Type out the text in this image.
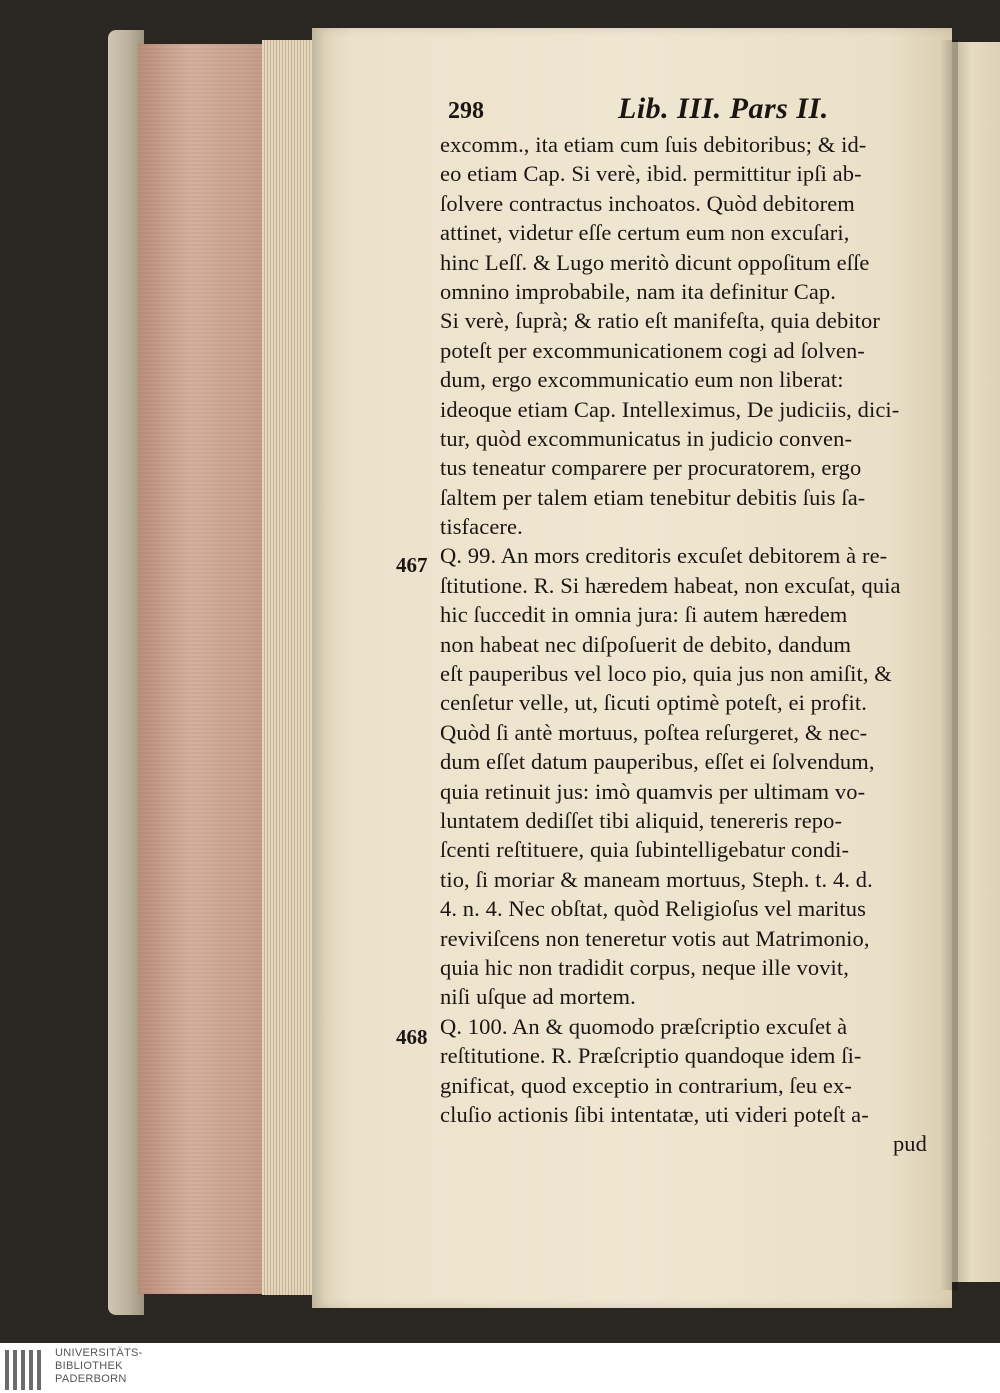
298	Lib. III. Pars II.
467
468
excomm., ita etiam cum ſuis debitoribus; & id-
eo etiam Cap. Si verè, ibid. permittitur ipſi ab-
ſolvere contractus inchoatos. Quòd debitorem
attinet, videtur eſſe certum eum non excuſari,
hinc Leſſ. & Lugo meritò dicunt oppoſitum eſſe
omnino improbabile, nam ita definitur Cap.
Si verè, ſuprà; & ratio eſt manifeſta, quia debitor
poteſt per excommunicationem cogi ad ſolven-
dum, ergo excommunicatio eum non liberat:
ideoque etiam Cap. Intelleximus, De judiciis, dici-
tur, quòd excommunicatus in judicio conven-
tus teneatur comparere per procuratorem, ergo
ſaltem per talem etiam tenebitur debitis ſuis ſa-
tisfacere.
Q. 99. An mors creditoris excuſet debitorem à re-
ſtitutione. R. Si hæredem habeat, non excuſat, quia
hic ſuccedit in omnia jura: ſi autem hæredem
non habeat nec diſpoſuerit de debito, dandum
eſt pauperibus vel loco pio, quia jus non amiſit, &
cenſetur velle, ut, ſicuti optimè poteſt, ei profit.
Quòd ſi antè mortuus, poſtea reſurgeret, & nec-
dum eſſet datum pauperibus, eſſet ei ſolvendum,
quia retinuit jus: imò quamvis per ultimam vo-
luntatem dediſſet tibi aliquid, tenereris repo-
ſcenti reſtituere, quia ſubintelligebatur condi-
tio, ſi moriar & maneam mortuus, Steph. t. 4. d.
4. n. 4. Nec obſtat, quòd Religioſus vel maritus
reviviſcens non teneretur votis aut Matrimonio,
quia hic non tradidit corpus, neque ille vovit,
niſi uſque ad mortem.
Q. 100. An & quomodo præſcriptio excuſet à
reſtitutione. R. Præſcriptio quandoque idem ſi-
gnificat, quod exceptio in contrarium, ſeu ex-
cluſio actionis ſibi intentatæ, uti videri poteſt a-
pud
UNIVERSITÄTS-
BIBLIOTHEK
PADERBORN
